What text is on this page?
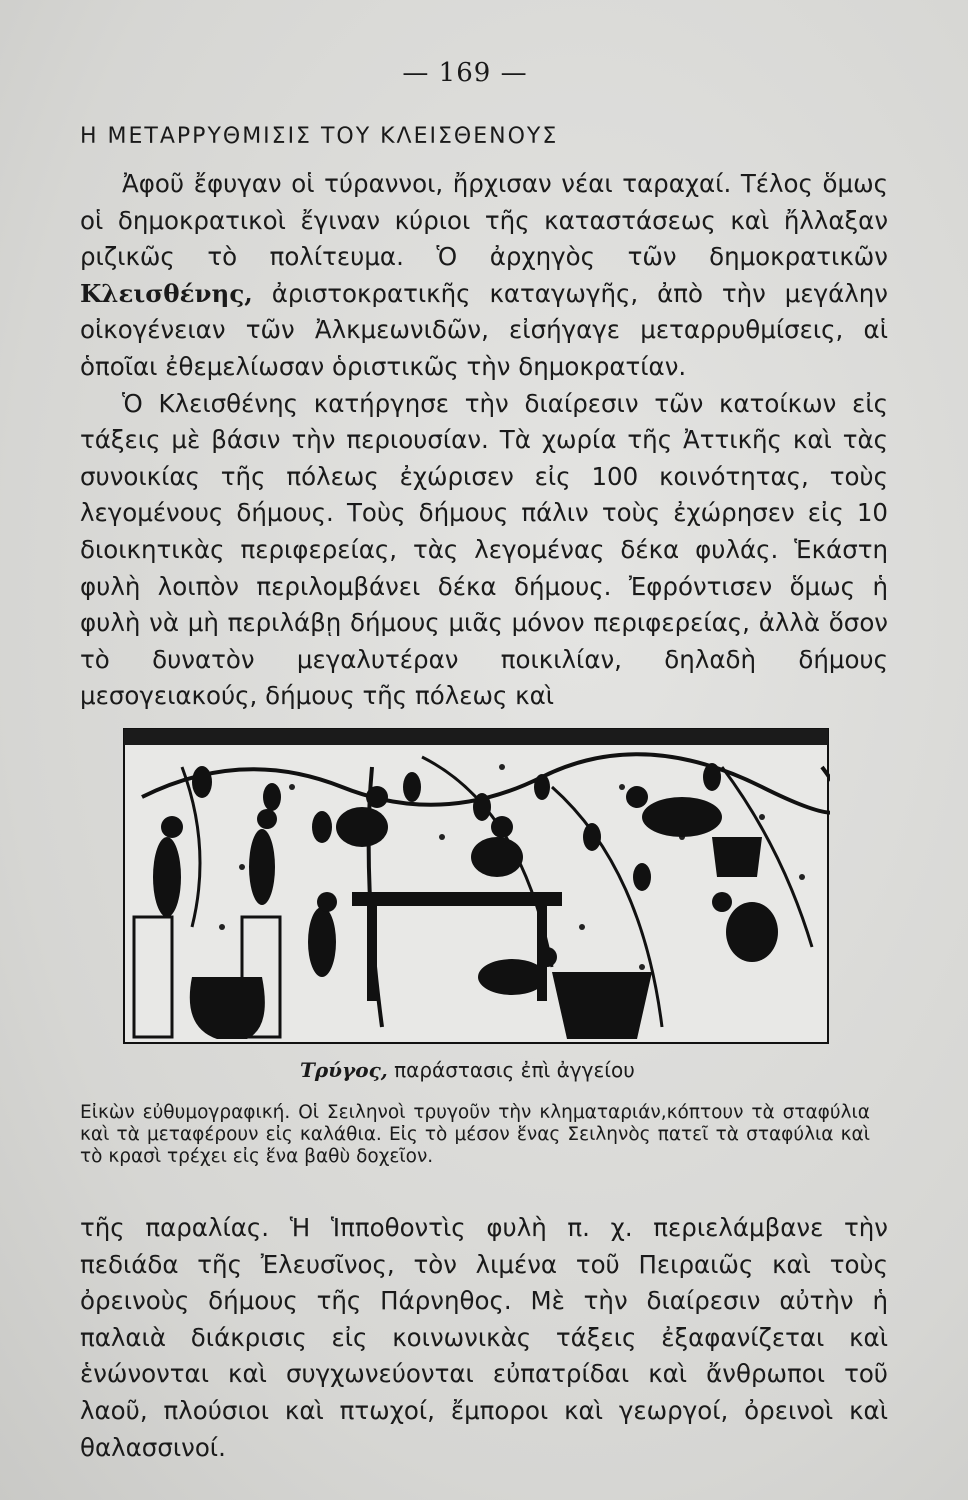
— 169 —
Η ΜΕΤΑΡΡΥΘΜΙΣΙΣ ΤΟΥ ΚΛΕΙΣΘΕΝΟΥΣ

Ἀφοῦ ἔφυγαν οἱ τύραννοι, ἤρχισαν νέαι ταραχαί. Τέλος ὅμως οἱ δημοκρατικοὶ ἔγιναν κύριοι τῆς καταστάσεως καὶ ἤλλαξαν ριζικῶς τὸ πολίτευμα. Ὁ ἀρχηγὸς τῶν δημοκρατικῶν Κλεισθένης, ἀριστοκρατικῆς καταγωγῆς, ἀπὸ τὴν μεγάλην οἰκογένειαν τῶν Ἀλκμεωνιδῶν, εἰσήγαγε μεταρρυθμίσεις, αἱ ὁποῖαι ἐθεμελίωσαν ὁριστικῶς τὴν δημοκρατίαν.

Ὁ Κλεισθένης κατήργησε τὴν διαίρεσιν τῶν κατοίκων εἰς τάξεις μὲ βάσιν τὴν περιουσίαν. Τὰ χωρία τῆς Ἀττικῆς καὶ τὰς συνοικίας τῆς πόλεως ἐχώρισεν εἰς 100 κοινότητας, τοὺς λεγομένους δήμους. Τοὺς δήμους πάλιν τοὺς ἐχώρησεν εἰς 10 διοικητικὰς περιφερείας, τὰς λεγομένας δέκα φυλάς. Ἑκάστη φυλὴ λοιπὸν περιλομβάνει δέκα δήμους. Ἐφρόντισεν ὅμως ἡ φυλὴ νὰ μὴ περιλάβῃ δήμους μιᾶς μόνον περιφερείας, ἀλλὰ ὅσον τὸ δυνατὸν μεγαλυτέραν ποικιλίαν, δηλαδὴ δήμους μεσογειακούς, δήμους τῆς πόλεως καὶ

Τρύγος, παράστασις ἐπὶ ἀγγείου
Εἰκὼν εὐθυμογραφική. Οἱ Σειληνοὶ τρυγοῦν τὴν κληματαριάν,κόπτουν τὰ σταφύλια καὶ τὰ μεταφέρουν εἰς καλάθια. Εἰς τὸ μέσον ἕνας Σειληνὸς πατεῖ τὰ σταφύλια καὶ τὸ κρασὶ τρέχει εἰς ἕνα βαθὺ δοχεῖον.

τῆς παραλίας. Ἡ Ἱπποθοντὶς φυλὴ π. χ. περιελάμβανε τὴν πεδιάδα τῆς Ἐλευσῖνος, τὸν λιμένα τοῦ Πειραιῶς καὶ τοὺς ὀρεινοὺς δήμους τῆς Πάρνηθος. Μὲ τὴν διαίρεσιν αὐτὴν ἡ παλαιὰ διάκρισις εἰς κοινωνικὰς τάξεις ἐξαφανίζεται καὶ ἑνώνονται καὶ συγχωνεύονται εὐπατρίδαι καὶ ἄνθρωποι τοῦ λαοῦ, πλούσιοι καὶ πτωχοί, ἔμποροι καὶ γεωργοί, ὀρεινοὶ καὶ θαλασσινοί.
